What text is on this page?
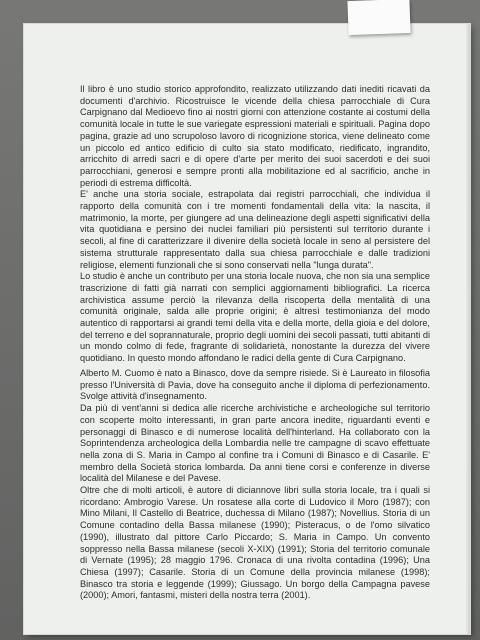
Il libro è uno studio storico approfondito, realizzato utilizzando dati inediti ricavati da documenti d'archivio. Ricostruisce le vicende della chiesa parrocchiale di Cura Carpignano dal Medioevo fino ai nostri giorni con attenzione costante ai costumi della comunità locale in tutte le sue variegate espressioni materiali e spirituali. Pagina dopo pagina, grazie ad uno scrupoloso lavoro di ricognizione storica, viene delineato come un piccolo ed antico edificio di culto sia stato modificato, riedificato, ingrandito, arricchito di arredi sacri e di opere d'arte per merito dei suoi sacerdoti e dei suoi parrocchiani, generosi e sempre pronti alla mobilitazione ed al sacrificio, anche in periodi di estrema difficoltà.

E' anche una storia sociale, estrapolata dai registri parrocchiali, che individua il rapporto della comunità con i tre momenti fondamentali della vita: la nascita, il matrimonio, la morte, per giungere ad una delineazione degli aspetti significativi della vita quotidiana e persino dei nuclei familiari più persistenti sul territorio durante i secoli, al fine di caratterizzare il divenire della società locale in seno al persistere del sistema strutturale rappresentato dalla sua chiesa parrocchiale e dalle tradizioni religiose, elementi funzionali che si sono conservati nella "lunga durata".

Lo studio è anche un contributo per una storia locale nuova, che non sia una semplice trascrizione di fatti già narrati con semplici aggiornamenti bibliografici. La ricerca archivistica assume perciò la rilevanza della riscoperta della mentalità di una comunità originale, salda alle proprie origini; è altresì testimonianza del modo autentico di rapportarsi ai grandi temi della vita e della morte, della gioia e del dolore, del terreno e del soprannaturale, proprio degli uomini dei secoli passati, tutti abitanti di un mondo colmo di fede, fragrante di solidarietà, nonostante la durezza del vivere quotidiano. In questo mondo affondano le radici della gente di Cura Carpignano.

Alberto M. Cuomo è nato a Binasco, dove da sempre risiede. Si è Laureato in filosofia presso l'Università di Pavia, dove ha conseguito anche il diploma di perfezionamento. Svolge attività d'insegnamento.

Da più di vent'anni si dedica alle ricerche archivistiche e archeologiche sul territorio con scoperte molto interessanti, in gran parte ancora inedite, riguardanti eventi e personaggi di Binasco e di numerose località dell'hinterland. Ha collaborato con la Soprintendenza archeologica della Lombardia nelle tre campagne di scavo effettuate nella zona di S. Maria in Campo al confine tra i Comuni di Binasco e di Casarile. E' membro della Società storica lombarda. Da anni tiene corsi e conferenze in diverse località del Milanese e del Pavese.

Oltre che di molti articoli, è autore di diciannove libri sulla storia locale, tra i quali si ricordano: Ambrogio Varese. Un rosatese alla corte di Ludovico il Moro (1987); con Mino Milani, Il Castello di Beatrice, duchessa di Milano (1987); Novellius. Storia di un Comune contadino della Bassa milanese (1990); Pisteracus, o de l'omo silvatico (1990), illustrato dal pittore Carlo Piccardo; S. Maria in Campo. Un convento soppresso nella Bassa milanese (secoli X-XIX) (1991); Storia del territorio comunale di Vernate (1995); 28 maggio 1796. Cronaca di una rivolta contadina (1996); Una Chiesa (1997); Casarile. Storia di un Comune della provincia milanese (1998); Binasco tra storia e leggende (1999); Giussago. Un borgo della Campagna pavese (2000); Amori, fantasmi, misteri della nostra terra (2001).
